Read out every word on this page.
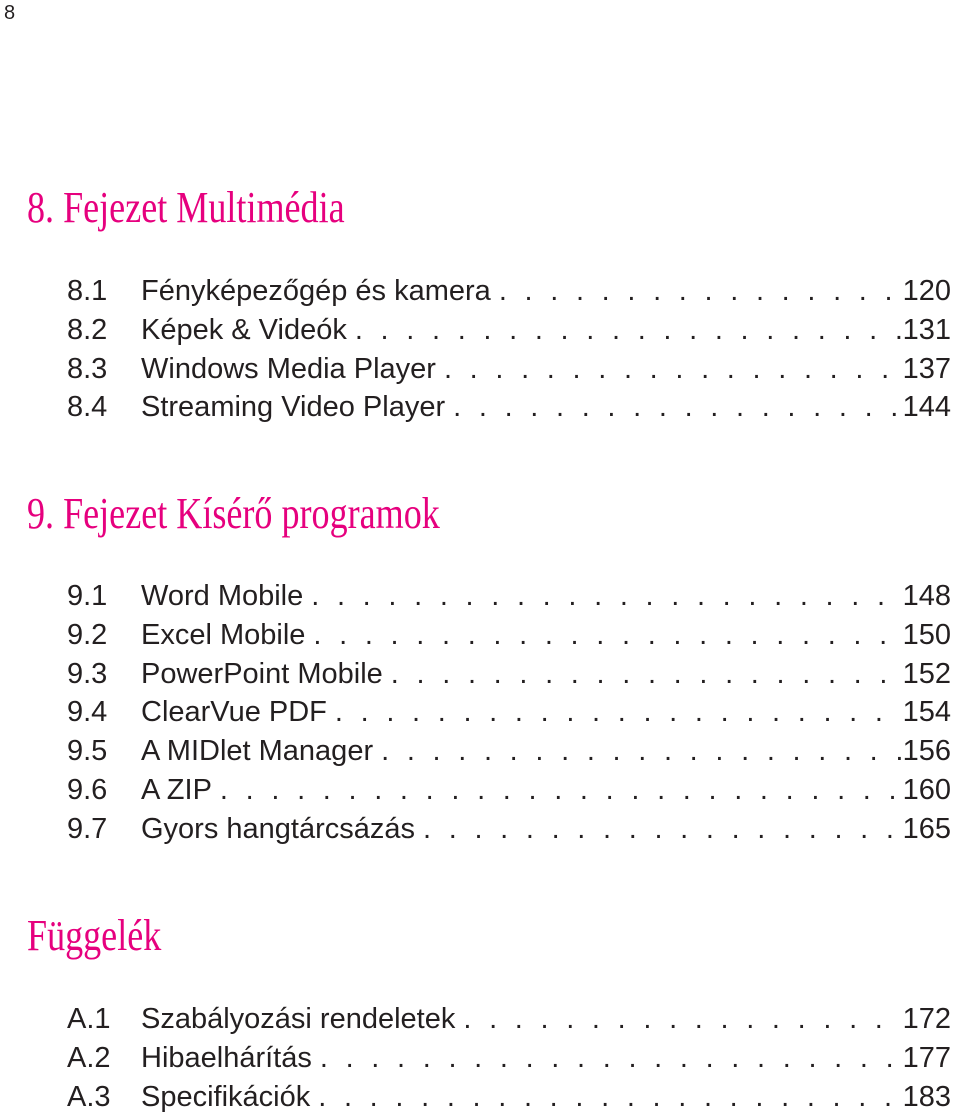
8
8. Fejezet Multimédia
8.1	Fényképezőgép és kamera . . .	120
8.2	Képek & Videók . . .	131
8.3	Windows Media Player . . .	137
8.4	Streaming Video Player . . .	144
9. Fejezet Kísérő programok
9.1	Word Mobile . . .	148
9.2	Excel Mobile . . .	150
9.3	PowerPoint Mobile . . .	152
9.4	ClearVue PDF . . .	154
9.5	A MIDlet Manager . . .	156
9.6	A ZIP . . .	160
9.7	Gyors hangtárcsázás . . .	165
Függelék
A.1	Szabályozási rendeletek . . .	172
A.2	Hibaelhárítás . . .	177
A.3	Specifikációk . . .	183
